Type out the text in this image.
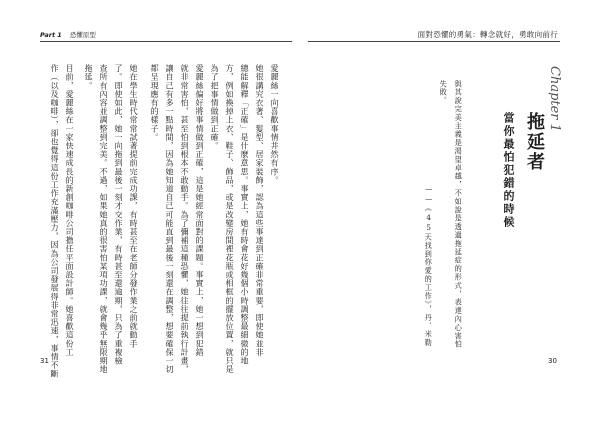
Part 1 恐懼原型	面對恐懼的勇氣：轉念就好，勇敢向前行
愛麗絲一向喜歡事情井然有序。
她很講究衣著、髮型、居家裝飾，認為這些事達到正確非常重要，即使她並非
總能解釋「正確」是什麼意思。事實上，她有時會花好幾個小時調整最細微的地
方，例如換掉上衣、鞋子、飾品，或是改變房間裡花瓶或相框的擺放位置，就只是
為了把事情做到正確。
愛麗絲偏好將事情做到正確，這是她經常面對的課題。事實上，她一想到犯錯
就非常害怕，甚至怕到根本不敢動手。為了彌補這種恐懼，她往往提前執行計畫，
讓自己有多一點時間，因為她知道自己可能直到最後一刻還在調整，想要確保一切
都呈現應有的樣子。
她在學生時代常常試著提前完成功課，有時甚至在老師分發作業之前就動手
了。即使如此，她一向拖到最後一刻才交作業，有時甚至還逾期，只為了重複檢
查所有內容並調整到完美。不過，如果她真的很害怕某項功課，就會幾乎無限期地
拖延。
目前，愛麗絲在一家快速成長的新創咖啡公司擔任平面設計師。她喜歡這份工
作（以及咖啡），卻也覺得這份工作充滿壓力，因為公司發展得非常迅速，事情不斷	Chapter 1
拖延者
當你最怕犯錯的時候
與其說完美主義是渴望卓越，不如說是透過拖延症的形式，表達內心害怕
失敗。
——《45天找到你愛的工作》，丹．米勒
31	30
